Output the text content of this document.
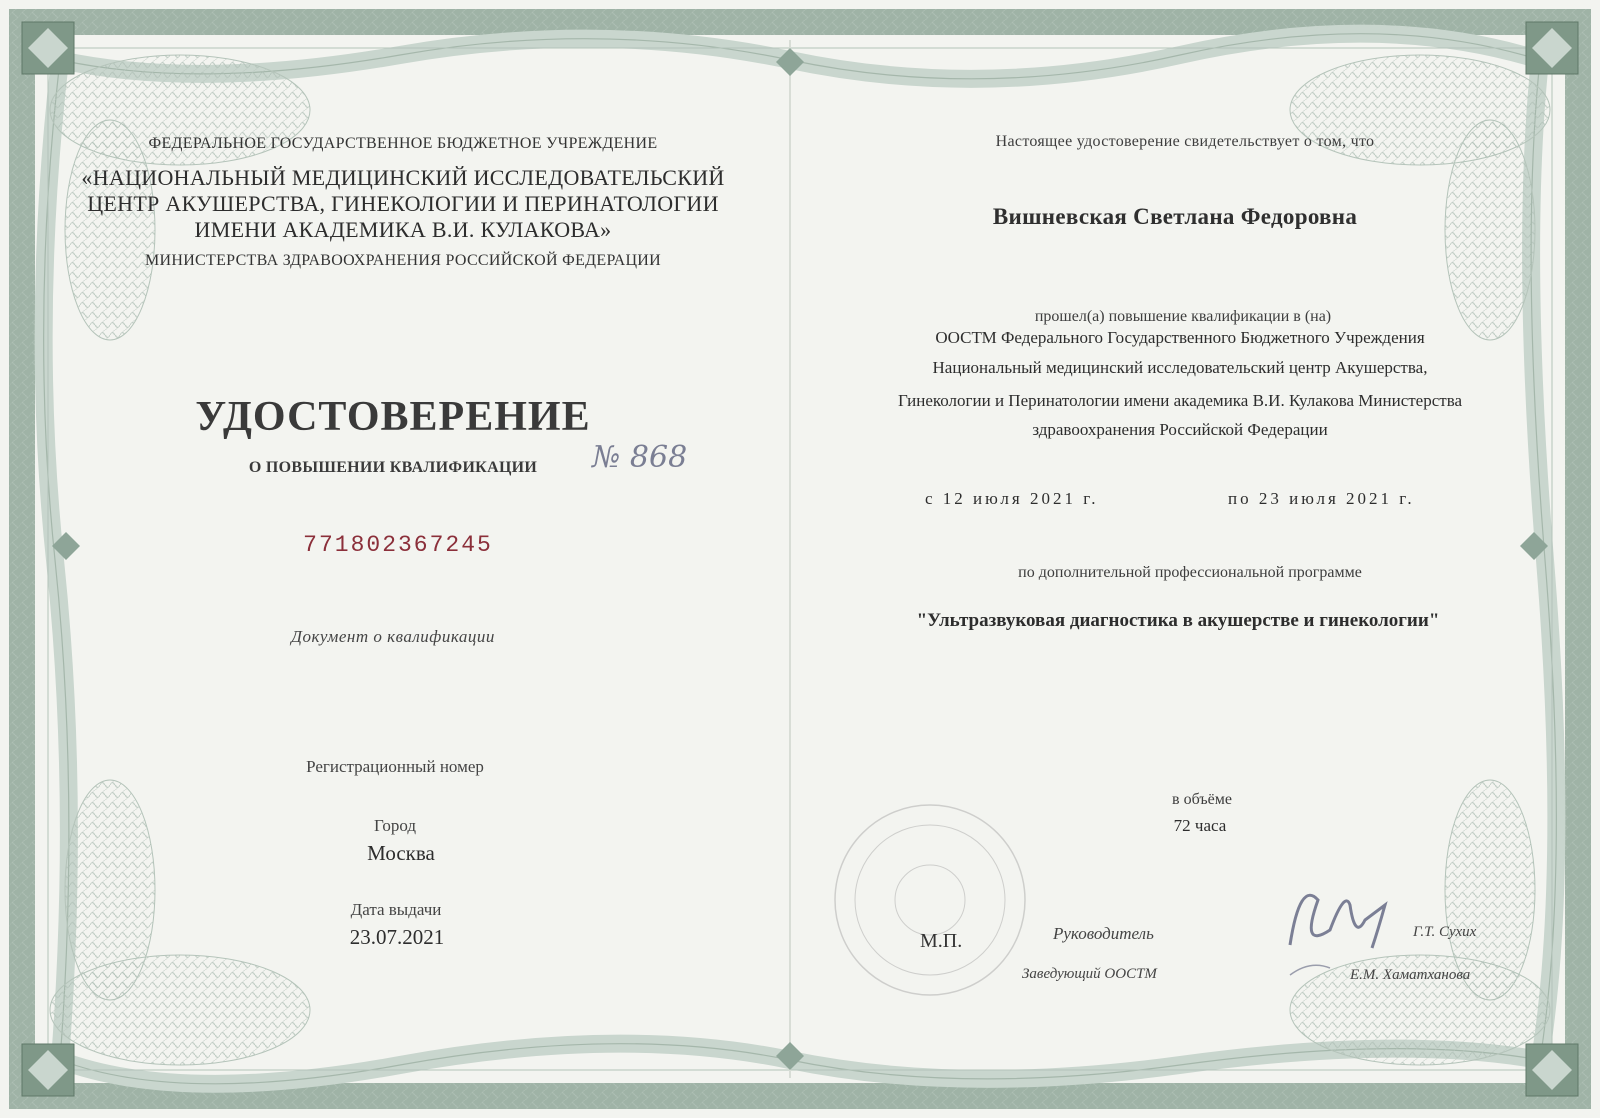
ФЕДЕРАЛЬНОЕ ГОСУДАРСТВЕННОЕ БЮДЖЕТНОЕ УЧРЕЖДЕНИЕ
«НАЦИОНАЛЬНЫЙ МЕДИЦИНСКИЙ ИССЛЕДОВАТЕЛЬСКИЙ
ЦЕНТР АКУШЕРСТВА, ГИНЕКОЛОГИИ И ПЕРИНАТОЛОГИИ
ИМЕНИ АКАДЕМИКА В.И. КУЛАКОВА»
МИНИСТЕРСТВА ЗДРАВООХРАНЕНИЯ РОССИЙСКОЙ ФЕДЕРАЦИИ
УДОСТОВЕРЕНИЕ
О ПОВЫШЕНИИ КВАЛИФИКАЦИИ № 868
771802367245
Документ о квалификации
Регистрационный номер
Город
Москва
Дата выдачи
23.07.2021
Настоящее удостоверение свидетельствует о том, что
Вишневская Светлана Федоровна
прошел(а) повышение квалификации в (на)
ООСТМ Федерального Государственного Бюджетного Учреждения
Национальный медицинский исследовательский центр Акушерства,
Гинекологии и Перинатологии имени академика В.И. Кулакова Министерства
здравоохранения Российской Федерации
с 12 июля 2021 г.	по 23 июля 2021 г.
по дополнительной профессиональной программе
"Ультразвуковая диагностика в акушерстве и гинекологии"
в объёме
72 часа
М.П.	Руководитель	Г.Т. Сухих
Заведующий ООСТМ	Е.М. Хаматханова
